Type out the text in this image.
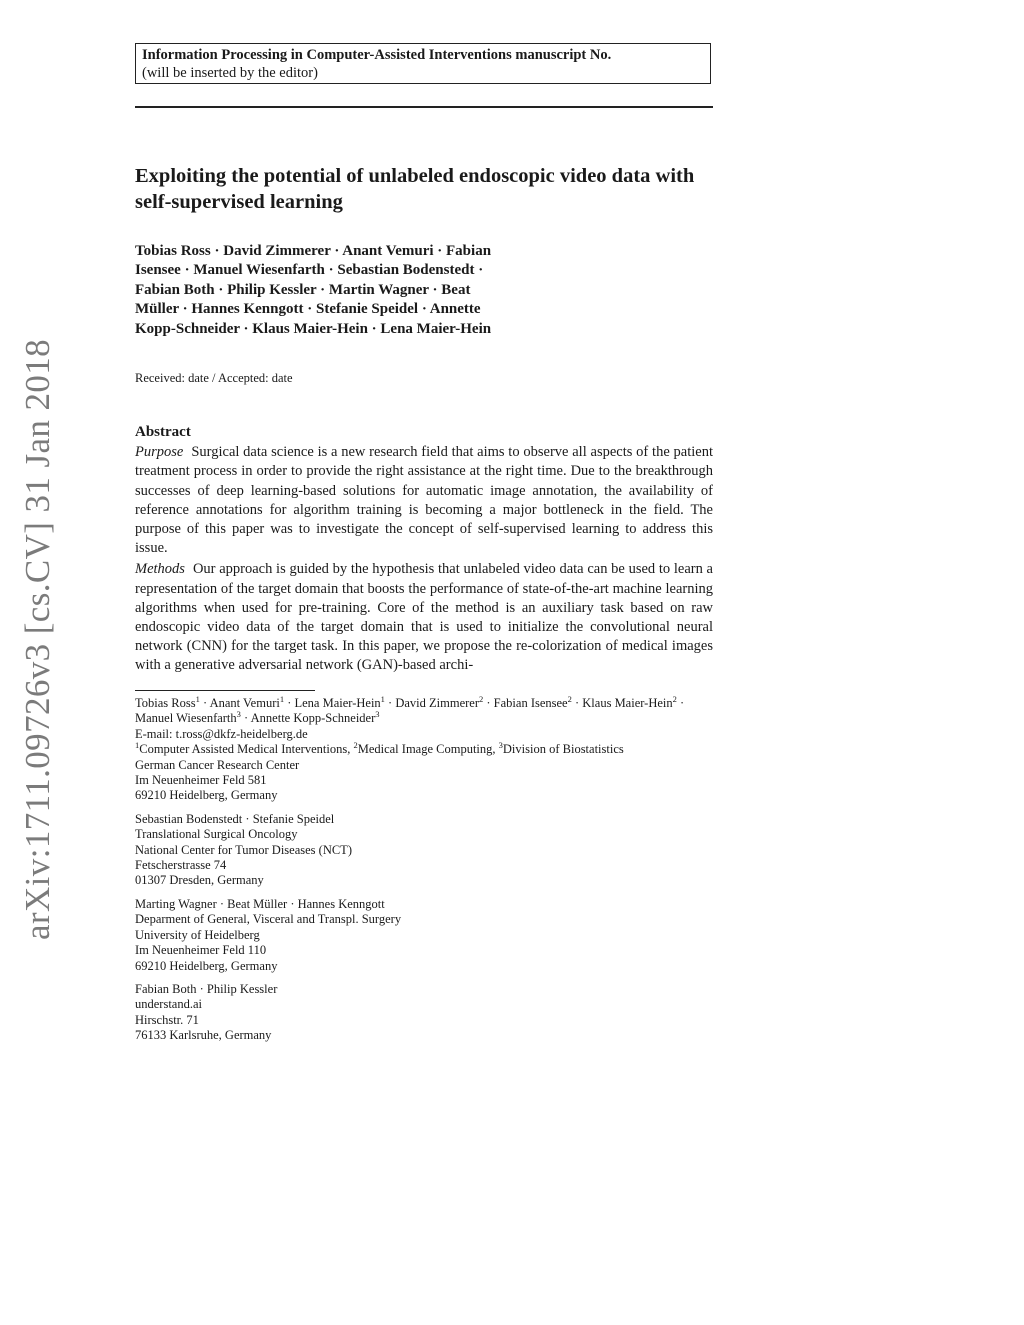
Information Processing in Computer-Assisted Interventions manuscript No.
(will be inserted by the editor)
Exploiting the potential of unlabeled endoscopic video data with self-supervised learning

Tobias Ross · David Zimmerer · Anant Vemuri · Fabian Isensee · Manuel Wiesenfarth · Sebastian Bodenstedt · Fabian Both · Philip Kessler · Martin Wagner · Beat Müller · Hannes Kenngott · Stefanie Speidel · Annette Kopp-Schneider · Klaus Maier-Hein · Lena Maier-Hein

Received: date / Accepted: date
Abstract

Purpose Surgical data science is a new research field that aims to observe all aspects of the patient treatment process in order to provide the right assistance at the right time. Due to the breakthrough successes of deep learning-based solutions for automatic image annotation, the availability of reference annotations for algorithm training is becoming a major bottleneck in the field. The purpose of this paper was to investigate the concept of self-supervised learning to address this issue.

Methods Our approach is guided by the hypothesis that unlabeled video data can be used to learn a representation of the target domain that boosts the performance of state-of-the-art machine learning algorithms when used for pre-training. Core of the method is an auxiliary task based on raw endoscopic video data of the target domain that is used to initialize the convolutional neural network (CNN) for the target task. In this paper, we propose the re-colorization of medical images with a generative adversarial network (GAN)-based archi-

Tobias Ross$^1$ · Anant Vemuri$^1$ · Lena Maier-Hein$^1$ · David Zimmerer$^2$ · Fabian Isensee$^2$ · Klaus Maier-Hein$^2$ ·
Manuel Wiesenfarth$^3$ · Annette Kopp-Schneider$^3$
E-mail: t.ross@dkfz-heidelberg.de
$^1$Computer Assisted Medical Interventions, $^2$Medical Image Computing, $^3$Division of Biostatistics
German Cancer Research Center
Im Neuenheimer Feld 581
69210 Heidelberg, Germany
Sebastian Bodenstedt · Stefanie Speidel
Translational Surgical Oncology
National Center for Tumor Diseases (NCT)
Fetscherstrasse 74
01307 Dresden, Germany
Marting Wagner · Beat Müller · Hannes Kenngott
Deparment of General, Visceral and Transpl. Surgery
University of Heidelberg
Im Neuenheimer Feld 110
69210 Heidelberg, Germany
Fabian Both · Philip Kessler
understand.ai
Hirschstr. 71
76133 Karlsruhe, Germany
arXiv:1711.09726v3 [cs.CV] 31 Jan 2018
